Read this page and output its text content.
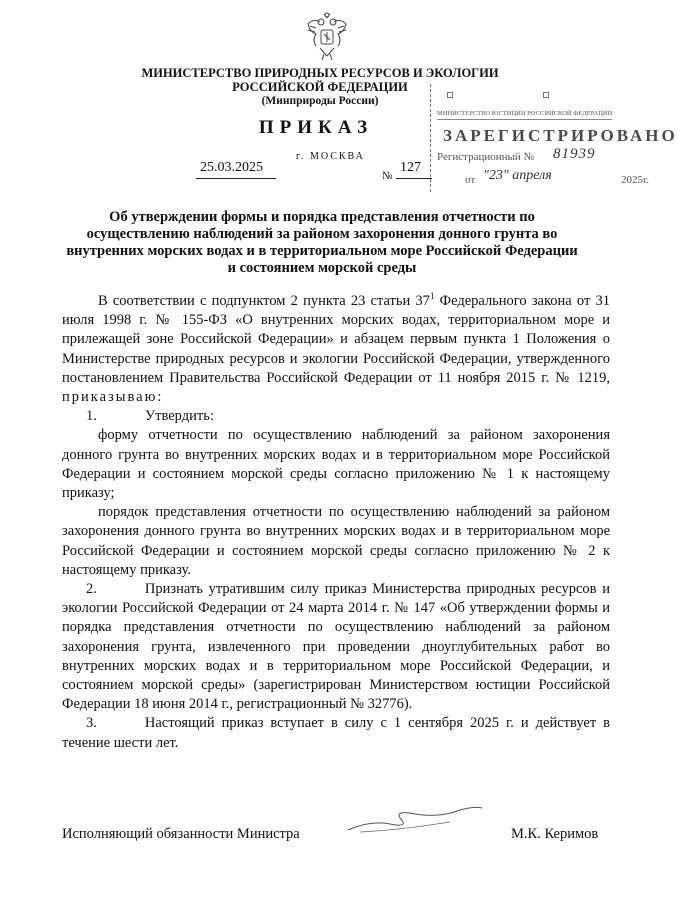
МИНИСТЕРСТВО ПРИРОДНЫХ РЕСУРСОВ И ЭКОЛОГИИ
РОССИЙСКОЙ ФЕДЕРАЦИИ
(Минприроды России)
ПРИКАЗ
25.03.2025
г. МОСКВА
№
127
МИНИСТЕРСТВО ЮСТИЦИИ РОССИЙСКОЙ ФЕДЕРАЦИИ
ЗАРЕГИСТРИРОВАНО
Регистрационный № 81939
от "23" апреля	2025г.
Об утверждении формы и порядка представления отчетности по осуществлению наблюдений за районом захоронения донного грунта во внутренних морских водах и в территориальном море Российской Федерации и состоянием морской среды

В соответствии с подпунктом 2 пункта 23 статьи $37^1$ Федерального закона от 31 июля 1998 г. № 155-ФЗ «О внутренних морских водах, территориальном море и прилежащей зоне Российской Федерации» и абзацем первым пункта 1 Положения о Министерстве природных ресурсов и экологии Российской Федерации, утвержденного постановлением Правительства Российской Федерации от 11 ноября 2015 г. № 1219, приказываю:

1.	Утвердить:

форму отчетности по осуществлению наблюдений за районом захоронения донного грунта во внутренних морских водах и в территориальном море Российской Федерации и состоянием морской среды согласно приложению № 1 к настоящему приказу;

порядок представления отчетности по осуществлению наблюдений за районом захоронения донного грунта во внутренних морских водах и в территориальном море Российской Федерации и состоянием морской среды согласно приложению № 2 к настоящему приказу.

2.	Признать утратившим силу приказ Министерства природных ресурсов и экологии Российской Федерации от 24 марта 2014 г. № 147 «Об утверждении формы и порядка представления отчетности по осуществлению наблюдений за районом захоронения грунта, извлеченного при проведении дноуглубительных работ во внутренних морских водах и в территориальном море Российской Федерации, и состоянием морской среды» (зарегистрирован Министерством юстиции Российской Федерации 18 июня 2014 г., регистрационный № 32776).

3.	Настоящий приказ вступает в силу с 1 сентября 2025 г. и действует в течение шести лет.

Исполняющий обязанности Министра	М.К. Керимов
